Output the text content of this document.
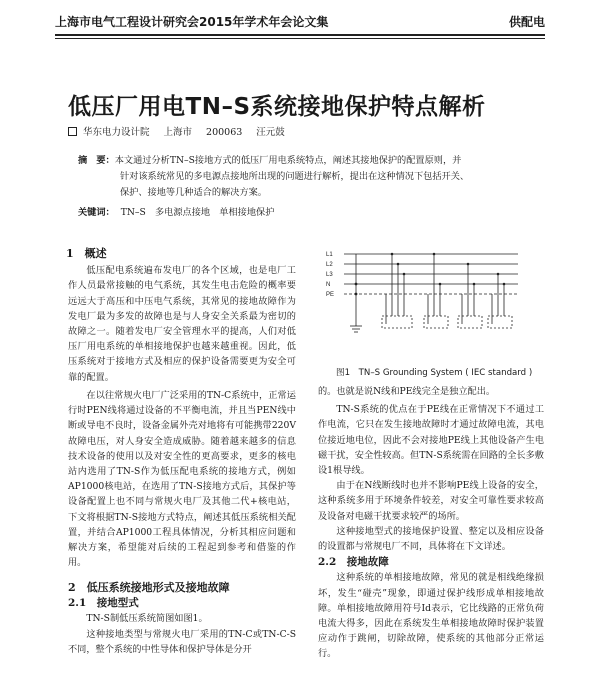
上海市电气工程设计研究会2015年学术年会论文集	供配电
低压厂用电TN–S系统接地保护特点解析
华东电力设计院 上海市 200063 汪元鼓
摘　要：本文通过分析TN–S接地方式的低压厂用电系统特点，阐述其接地保护的配置原则，并
针对该系统常见的多电源点接地所出现的问题进行解析，提出在这种情况下包括开关、
保护、接地等几种适合的解决方案。
关键词： TN–S　多电源点接地　单相接地保护

1　概述

低压配电系统遍布发电厂的各个区域，也是电厂工作人员最常接触的电气系统，其发生电击危险的概率要远远大于高压和中压电气系统，其常见的接地故障作为发电厂最为多发的故障也是与人身安全关系最为密切的故障之一。随着发电厂安全管理水平的提高，人们对低压厂用电系统的单相接地保护也越来越重视。因此，低压系统对于接地方式及相应的保护设备需要更为安全可靠的配置。

在以往常规火电厂广泛采用的TN-C系统中，正常运行时PEN线将通过设备的不平衡电流，并且当PEN线中断或导电不良时，设备金属外壳对地将有可能携带220V故障电压，对人身安全造成威胁。随着越来越多的信息技术设备的使用以及对安全性的更高要求，更多的核电站内选用了TN-S作为低压配电系统的接地方式，例如AP1000核电站，在选用了TN-S接地方式后，其保护等设备配置上也不同与常规火电厂及其他二代+核电站，下文将根据TN-S接地方式特点，阐述其低压系统相关配置，并结合AP1000工程具体情况，分析其相应问题和解决方案，希望能对后续的工程起到参考和借鉴的作用。

2　低压系统接地形式及接地故障

2.1　接地型式

TN-S制低压系统简图如图1。

这种接地类型与常规火电厂采用的TN-C或TN-C-S不同，整个系统的中性导体和保护导体是分开

L1
L2
L3
N
PE
图1　TN–S Grounding System ( IEC standard )

的。也就是说N线和PE线完全是独立配出。

TN-S系统的优点在于PE线在正常情况下不通过工作电流，它只在发生接地故障时才通过故障电流，其电位接近地电位，因此不会对接地PE线上其他设备产生电磁干扰，安全性较高。但TN-S系统需在回路的全长多敷设1根导线。

由于在N线断线时也并不影响PE线上设备的安全，这种系统多用于环境条件较差，对安全可靠性要求较高及设备对电磁干扰要求较严的场所。

这种接地型式的接地保护设置、整定以及相应设备的设置都与常规电厂不同，具体将在下文详述。

2.2　接地故障

这种系统的单相接地故障，常见的就是相线绝缘损坏，发生“碰壳”现象，即通过保护线形成单相接地故障。单相接地故障用符号Id表示，它比线路的正常负荷电流大得多，因此在系统发生单相接地故障时保护装置应动作于跳闸，切除故障，使系统的其他部分正常运行。
